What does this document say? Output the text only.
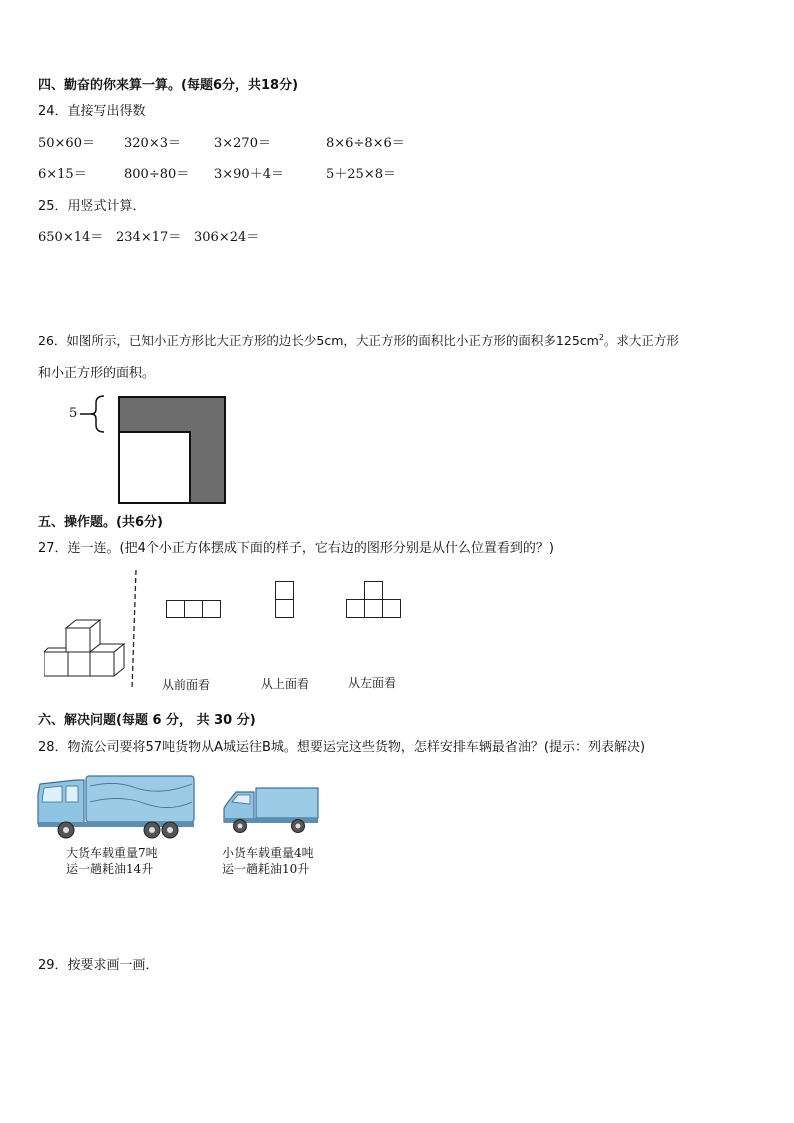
四、勤奋的你来算一算。(每题6分，共18分)
24．直接写出得数
50×60＝ 320×3＝	3×270＝	8×6÷8×6＝
6×15＝	800÷80＝ 3×90＋4＝	5＋25×8＝
25．用竖式计算．
650×14＝ 234×17＝ 306×24＝
26．如图所示，已知小正方形比大正方形的边长少5cm，大正方形的面积比小正方形的面积多$125cm^2$。求大正方形
和小正方形的面积。
5
五、操作题。(共6分)
27．连一连。(把4个小正方体摆成下面的样子，它右边的图形分别是从什么位置看到的？)
从前面看	从上面看	从左面看
六、解决问题(每题 6 分， 共 30 分)
28．物流公司要将57吨货物从A城运往B城。想要运完这些货物，怎样安排车辆最省油？(提示：列表解决)
大货车载重量7吨
运一趟耗油14升
小货车载重量4吨
运一趟耗油10升
29．按要求画一画．
